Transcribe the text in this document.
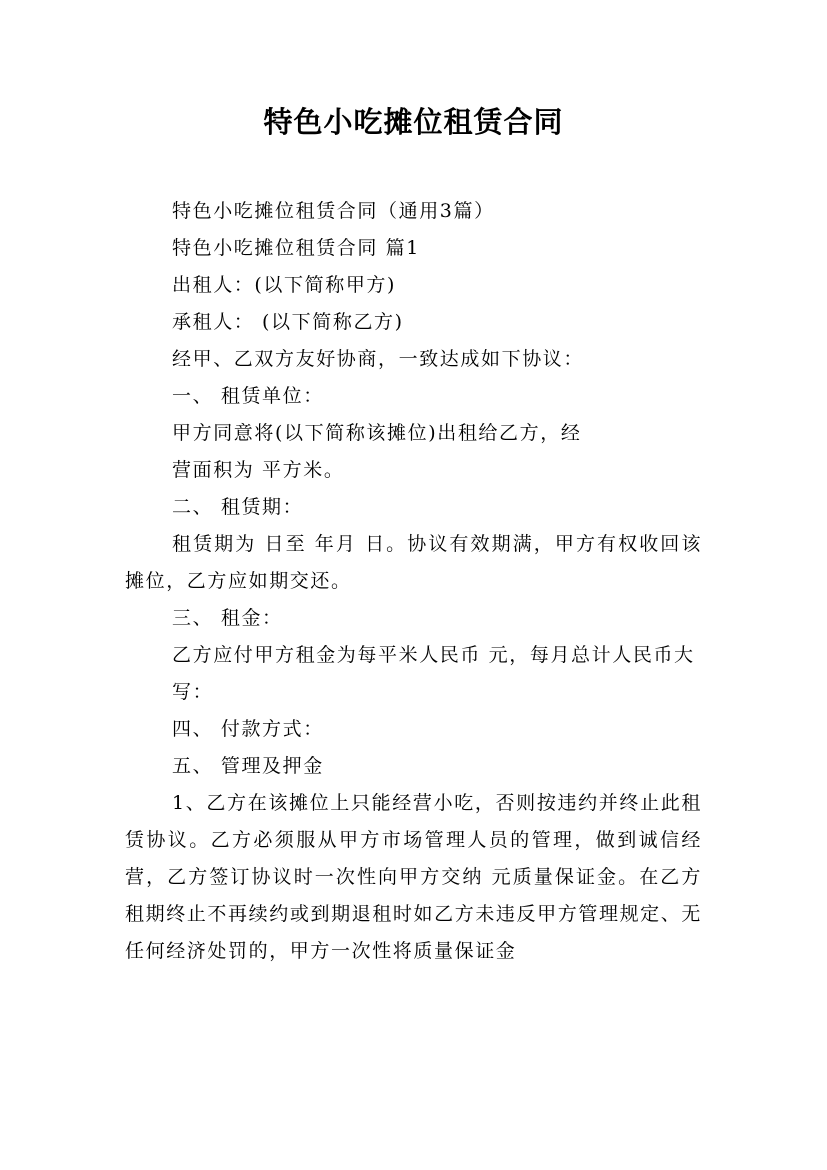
特色小吃摊位租赁合同

特色小吃摊位租赁合同（通用3篇）

特色小吃摊位租赁合同 篇1

出租人：(以下简称甲方)

承租人： (以下简称乙方)

经甲、乙双方友好协商，一致达成如下协议：

一、 租赁单位：

甲方同意将(以下简称该摊位)出租给乙方，经

营面积为 平方米。

二、 租赁期：

租赁期为 日至 年月 日。协议有效期满，甲方有权收回该摊位，乙方应如期交还。

三、 租金：

乙方应付甲方租金为每平米人民币 元，每月总计人民币大

写：

四、 付款方式：

五、 管理及押金

1、乙方在该摊位上只能经营小吃，否则按违约并终止此租赁协议。乙方必须服从甲方市场管理人员的管理，做到诚信经营，乙方签订协议时一次性向甲方交纳 元质量保证金。在乙方租期终止不再续约或到期退租时如乙方未违反甲方管理规定、无任何经济处罚的，甲方一次性将质量保证金
